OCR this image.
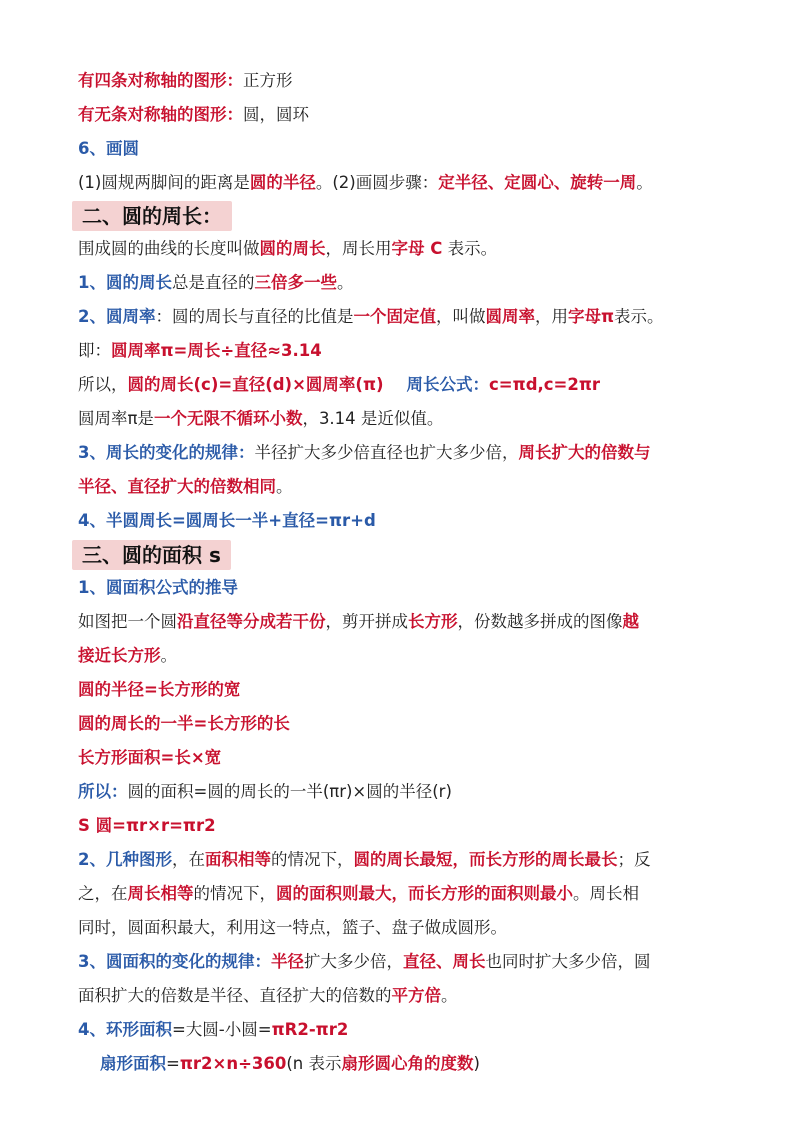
有四条对称轴的图形：正方形
有无条对称轴的图形：圆，圆环
6、画圆
(1)圆规两脚间的距离是圆的半径。(2)画圆步骤：定半径、定圆心、旋转一周。
二、圆的周长：
围成圆的曲线的长度叫做圆的周长，周长用字母 C 表示。
1、圆的周长总是直径的三倍多一些。
2、圆周率：圆的周长与直径的比值是一个固定值，叫做圆周率，用字母π表示。
即：圆周率π=周长÷直径≈3.14
所以，圆的周长(c)=直径(d)×圆周率(π)    周长公式：c=πd,c=2πr
圆周率π是一个无限不循环小数，3.14 是近似值。
3、周长的变化的规律：半径扩大多少倍直径也扩大多少倍，周长扩大的倍数与
半径、直径扩大的倍数相同。
4、半圆周长=圆周长一半+直径=πr+d
三、圆的面积 s
1、圆面积公式的推导
如图把一个圆沿直径等分成若干份，剪开拼成长方形，份数越多拼成的图像越
接近长方形。
圆的半径=长方形的宽
圆的周长的一半=长方形的长
长方形面积=长×宽
所以：圆的面积=圆的周长的一半(πr)×圆的半径(r)
S 圆=πr×r=πr2
2、几种图形，在面积相等的情况下，圆的周长最短，而长方形的周长最长；反
之，在周长相等的情况下，圆的面积则最大，而长方形的面积则最小。周长相
同时，圆面积最大，利用这一特点，篮子、盘子做成圆形。
3、圆面积的变化的规律：半径扩大多少倍，直径、周长也同时扩大多少倍，圆
面积扩大的倍数是半径、直径扩大的倍数的平方倍。
4、环形面积=大圆-小圆=πR2-πr2
扇形面积=πr2×n÷360(n 表示扇形圆心角的度数)
